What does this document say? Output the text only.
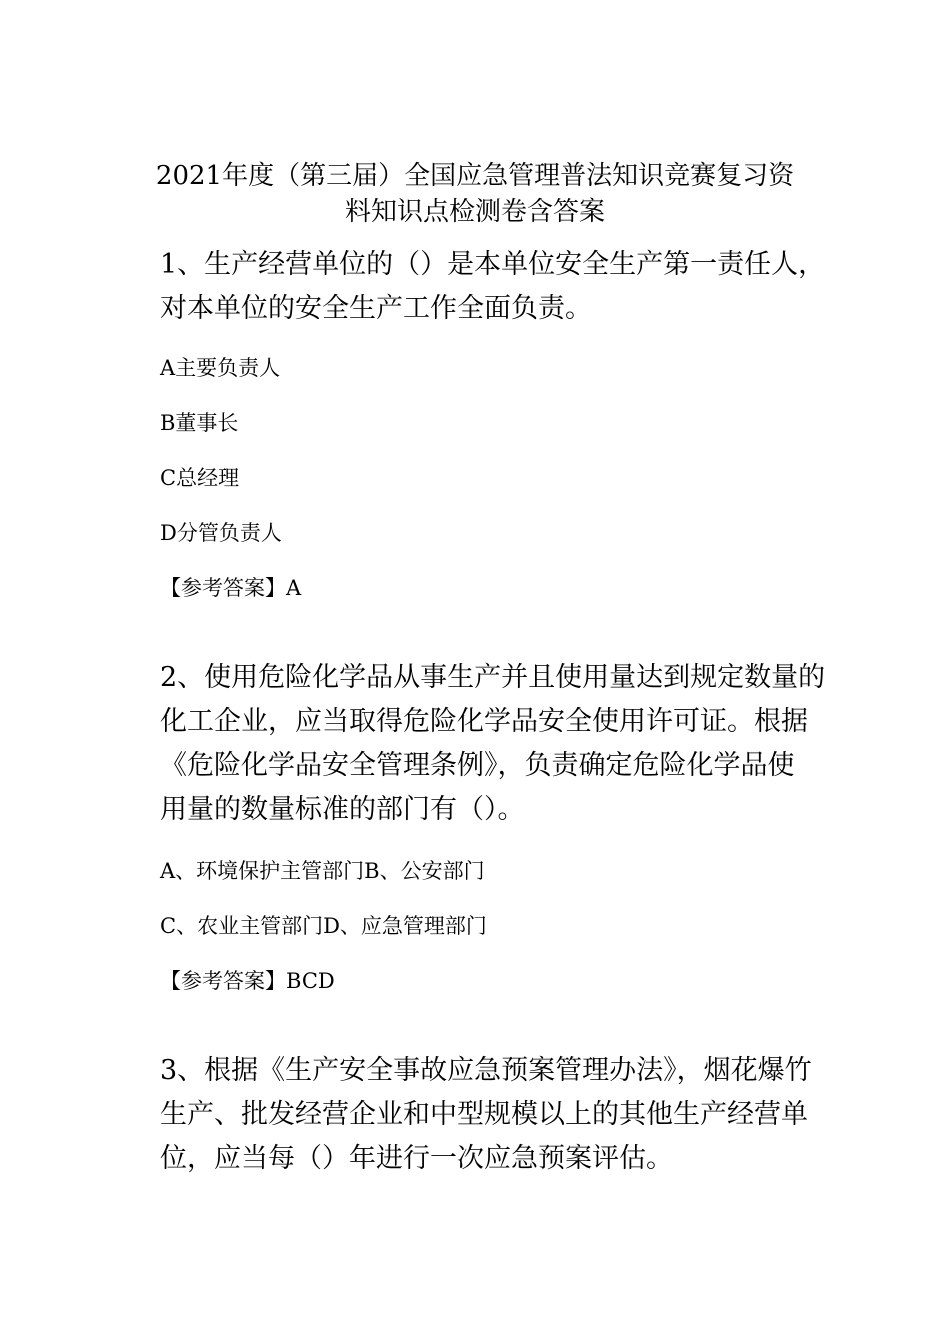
2021年度（第三届）全国应急管理普法知识竞赛复习资
料知识点检测卷含答案
1、生产经营单位的（）是本单位安全生产第一责任人，
对本单位的安全生产工作全面负责。
A主要负责人
B董事长
C总经理
D分管负责人
【参考答案】A
2、使用危险化学品从事生产并且使用量达到规定数量的
化工企业，应当取得危险化学品安全使用许可证。根据
《危险化学品安全管理条例》，负责确定危险化学品使
用量的数量标准的部门有（）。
A、环境保护主管部门B、公安部门
C、农业主管部门D、应急管理部门
【参考答案】BCD
3、根据《生产安全事故应急预案管理办法》，烟花爆竹
生产、批发经营企业和中型规模以上的其他生产经营单
位，应当每（）年进行一次应急预案评估。
